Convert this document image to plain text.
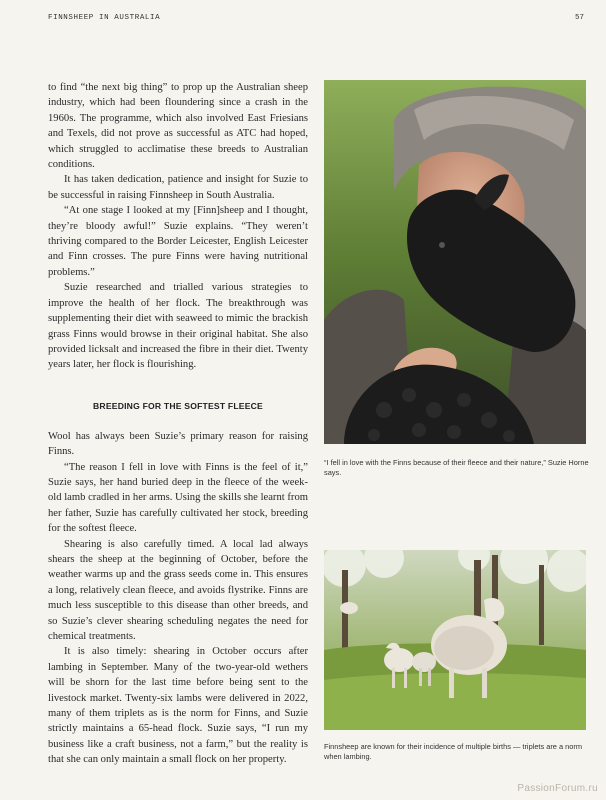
FINNSHEEP IN AUSTRALIA	57

to find “the next big thing” to prop up the Australian sheep industry, which had been floundering since a crash in the 1960s. The programme, which also involved East Friesians and Texels, did not prove as successful as ATC had hoped, which struggled to acclimatise these breeds to Australian conditions.

It has taken dedication, patience and insight for Suzie to be successful in raising Finnsheep in South Australia.

“At one stage I looked at my [Finn]sheep and I thought, they’re bloody awful!” Suzie explains. “They weren’t thriving compared to the Border Leicester, English Leicester and Finn crosses. The pure Finns were having nutritional problems.”

Suzie researched and trialled various strategies to improve the health of her flock. The breakthrough was supplementing their diet with seaweed to mimic the brackish grass Finns would browse in their original habitat. She also provided licksalt and increased the fibre in their diet. Twenty years later, her flock is flourishing.

BREEDING FOR THE SOFTEST FLEECE

Wool has always been Suzie’s primary reason for raising Finns.

“The reason I fell in love with Finns is the feel of it,” Suzie says, her hand buried deep in the fleece of the week-old lamb cradled in her arms. Using the skills she learnt from her father, Suzie has carefully cultivated her stock, breeding for the softest fleece.

Shearing is also carefully timed. A local lad always shears the sheep at the beginning of October, before the weather warms up and the grass seeds come in. This ensures a long, relatively clean fleece, and avoids flystrike. Finns are much less susceptible to this disease than other breeds, and so Suzie’s clever shearing scheduling negates the need for chemical treatments.

It is also timely: shearing in October occurs after lambing in September. Many of the two-year-old wethers will be shorn for the last time before being sent to the livestock market. Twenty-six lambs were delivered in 2022, many of them triplets as is the norm for Finns, and Suzie strictly maintains a 65-head flock. Suzie says, “I run my business like a craft business, not a farm,” but the reality is that she can only maintain a small flock on her property.

“I fell in love with the Finns because of their fleece and their nature,” Suzie Horne says.

Finnsheep are known for their incidence of multiple births — triplets are a norm when lambing.

PassionForum.ru
